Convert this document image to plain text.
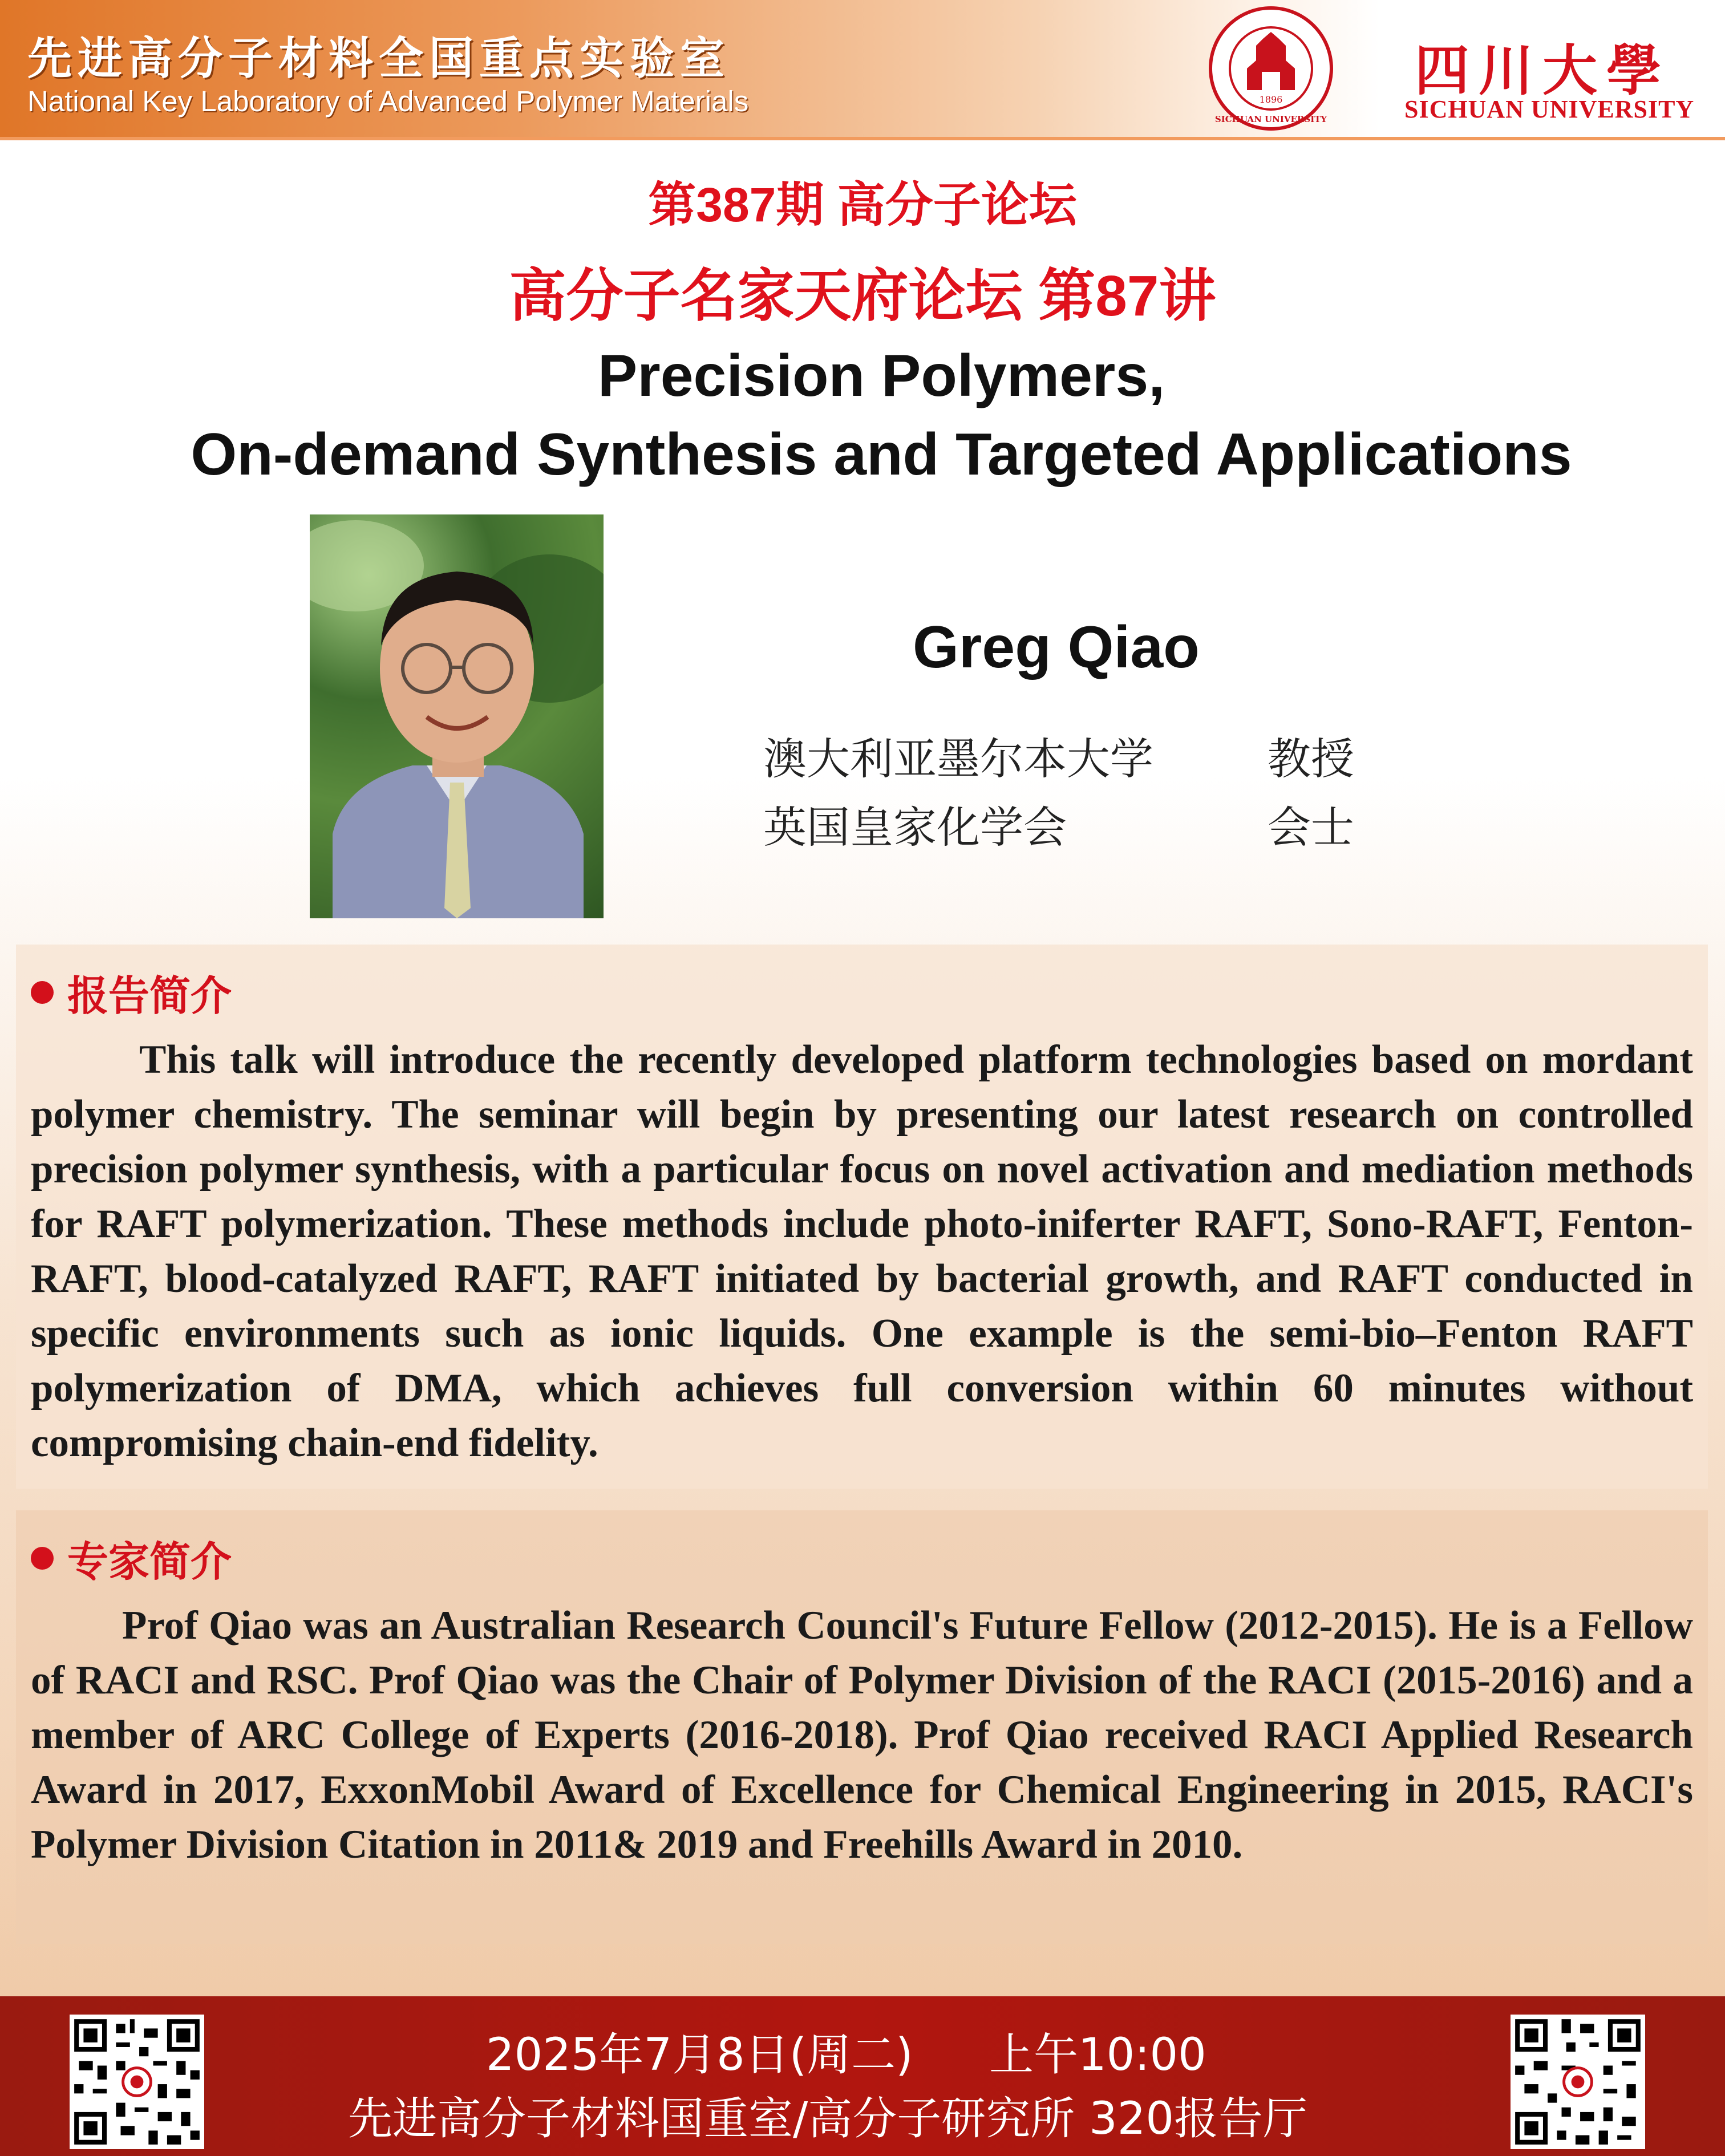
先进高分子材料全国重点实验室
National Key Laboratory of Advanced Polymer Materials	1896
SICHUAN UNIVERSITY
四川大學
SICHUAN UNIVERSITY
第387期 高分子论坛
高分子名家天府论坛 第87讲
Precision Polymers,
On-demand Synthesis and Targeted Applications
Greg Qiao
澳大利亚墨尔本大学	教授
英国皇家化学会	会士
报告简介
This talk will introduce the recently developed platform technologies based on mordant polymer chemistry. The seminar will begin by presenting our latest research on controlled precision polymer synthesis, with a particular focus on novel activation and mediation methods for RAFT polymerization. These methods include photo-iniferter RAFT, Sono-RAFT, Fenton-RAFT, blood-catalyzed RAFT, RAFT initiated by bacterial growth, and RAFT conducted in specific environments such as ionic liquids. One example is the semi-bio–Fenton RAFT polymerization of DMA, which achieves full conversion within 60 minutes without compromising chain-end fidelity.
专家简介
Prof Qiao was an Australian Research Council's Future Fellow (2012-2015). He is a Fellow of RACI and RSC. Prof Qiao was the Chair of Polymer Division of the RACI (2015-2016) and a member of ARC College of Experts (2016-2018). Prof Qiao received RACI Applied Research Award in 2017, ExxonMobil Award of Excellence for Chemical Engineering in 2015, RACI's Polymer Division Citation in 2011& 2019 and Freehills Award in 2010.
2025年7月8日(周二) 上午10:00
先进高分子材料国重室/高分子研究所 320报告厅
